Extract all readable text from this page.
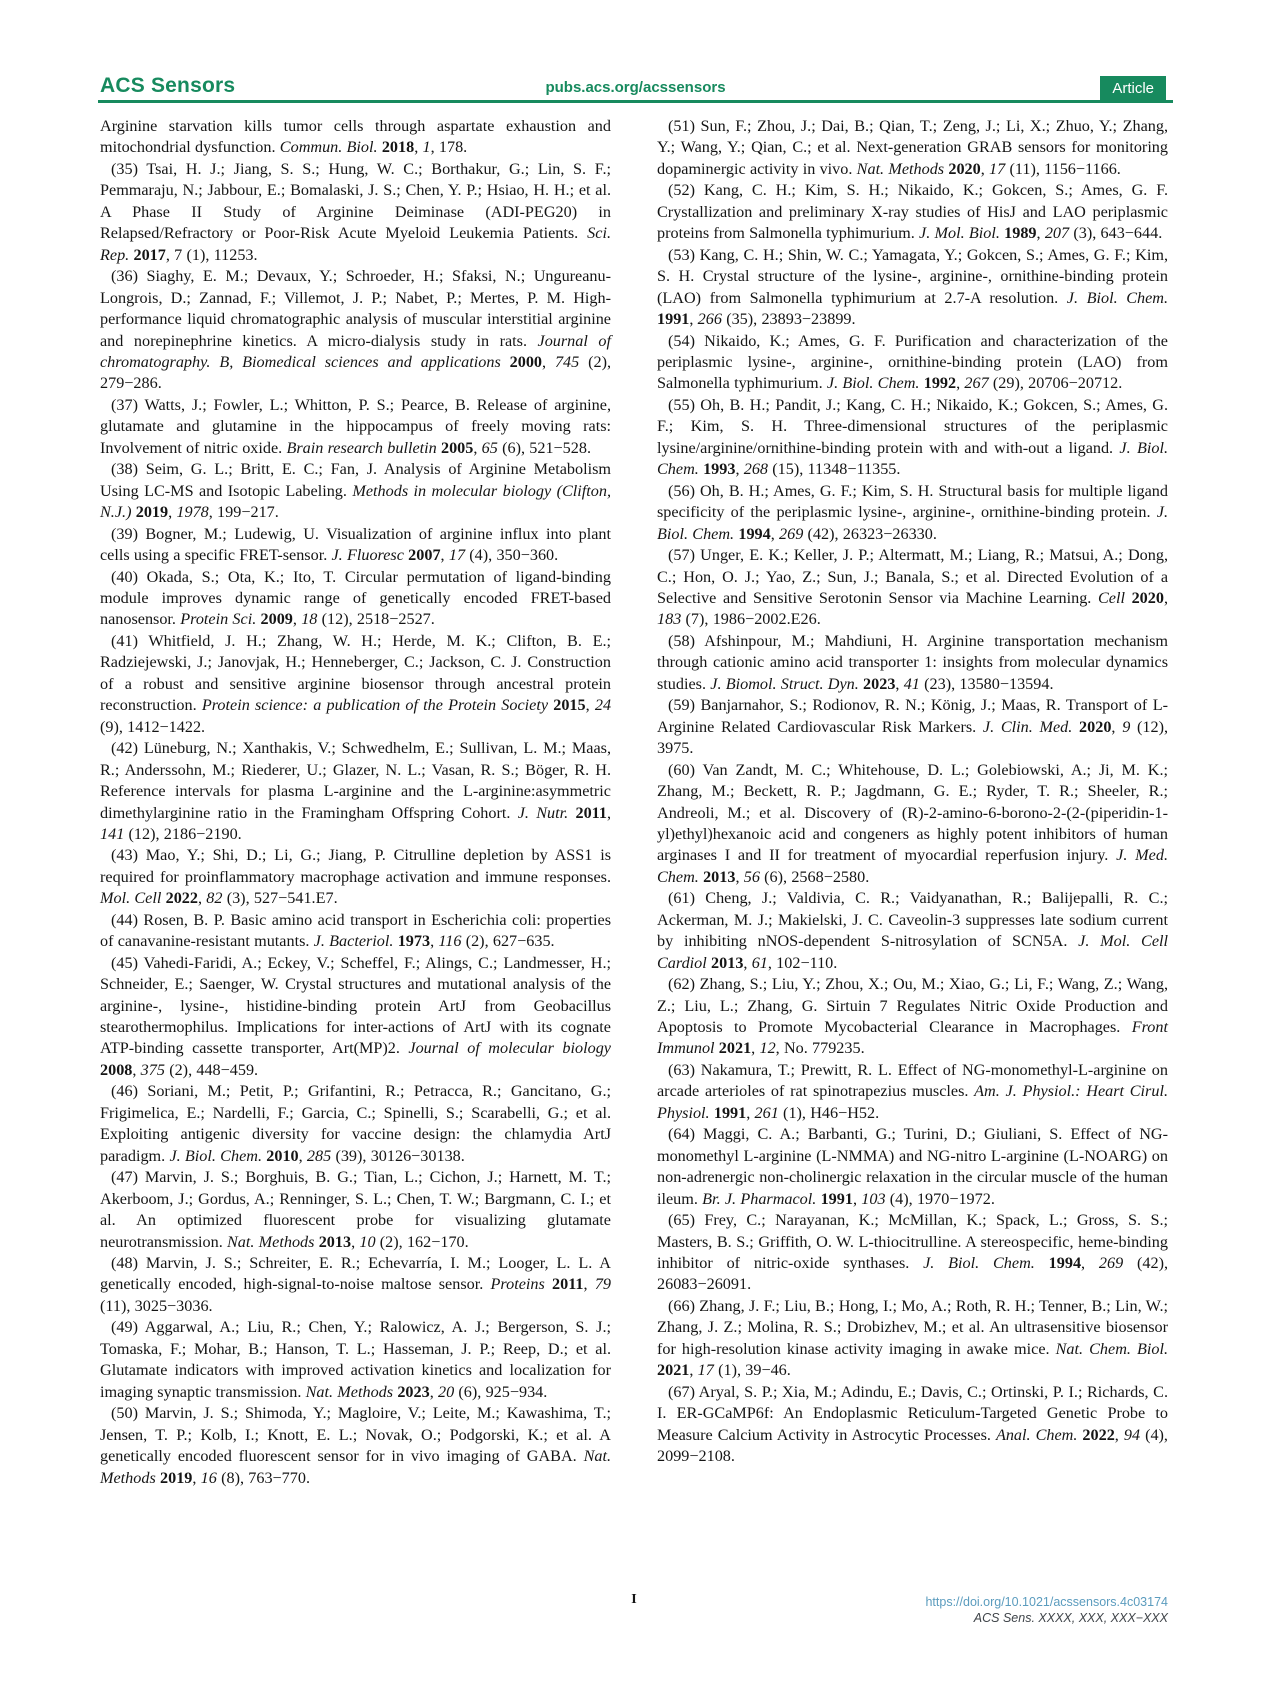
ACS Sensors	pubs.acs.org/acssensors	Article

Arginine starvation kills tumor cells through aspartate exhaustion and mitochondrial dysfunction. Commun. Biol. 2018, 1, 178.

(35) Tsai, H. J.; Jiang, S. S.; Hung, W. C.; Borthakur, G.; Lin, S. F.; Pemmaraju, N.; Jabbour, E.; Bomalaski, J. S.; Chen, Y. P.; Hsiao, H. H.; et al. A Phase II Study of Arginine Deiminase (ADI-PEG20) in Relapsed/Refractory or Poor-Risk Acute Myeloid Leukemia Patients. Sci. Rep. 2017, 7 (1), 11253.

(36) Siaghy, E. M.; Devaux, Y.; Schroeder, H.; Sfaksi, N.; Ungureanu-Longrois, D.; Zannad, F.; Villemot, J. P.; Nabet, P.; Mertes, P. M. High-performance liquid chromatographic analysis of muscular interstitial arginine and norepinephrine kinetics. A micro-dialysis study in rats. Journal of chromatography. B, Biomedical sciences and applications 2000, 745 (2), 279−286.

(37) Watts, J.; Fowler, L.; Whitton, P. S.; Pearce, B. Release of arginine, glutamate and glutamine in the hippocampus of freely moving rats: Involvement of nitric oxide. Brain research bulletin 2005, 65 (6), 521−528.

(38) Seim, G. L.; Britt, E. C.; Fan, J. Analysis of Arginine Metabolism Using LC-MS and Isotopic Labeling. Methods in molecular biology (Clifton, N.J.) 2019, 1978, 199−217.

(39) Bogner, M.; Ludewig, U. Visualization of arginine influx into plant cells using a specific FRET-sensor. J. Fluoresc 2007, 17 (4), 350−360.

(40) Okada, S.; Ota, K.; Ito, T. Circular permutation of ligand-binding module improves dynamic range of genetically encoded FRET-based nanosensor. Protein Sci. 2009, 18 (12), 2518−2527.

(41) Whitfield, J. H.; Zhang, W. H.; Herde, M. K.; Clifton, B. E.; Radziejewski, J.; Janovjak, H.; Henneberger, C.; Jackson, C. J. Construction of a robust and sensitive arginine biosensor through ancestral protein reconstruction. Protein science: a publication of the Protein Society 2015, 24 (9), 1412−1422.

(42) Lüneburg, N.; Xanthakis, V.; Schwedhelm, E.; Sullivan, L. M.; Maas, R.; Anderssohn, M.; Riederer, U.; Glazer, N. L.; Vasan, R. S.; Böger, R. H. Reference intervals for plasma L-arginine and the L-arginine:asymmetric dimethylarginine ratio in the Framingham Offspring Cohort. J. Nutr. 2011, 141 (12), 2186−2190.

(43) Mao, Y.; Shi, D.; Li, G.; Jiang, P. Citrulline depletion by ASS1 is required for proinflammatory macrophage activation and immune responses. Mol. Cell 2022, 82 (3), 527−541.E7.

(44) Rosen, B. P. Basic amino acid transport in Escherichia coli: properties of canavanine-resistant mutants. J. Bacteriol. 1973, 116 (2), 627−635.

(45) Vahedi-Faridi, A.; Eckey, V.; Scheffel, F.; Alings, C.; Landmesser, H.; Schneider, E.; Saenger, W. Crystal structures and mutational analysis of the arginine-, lysine-, histidine-binding protein ArtJ from Geobacillus stearothermophilus. Implications for inter-actions of ArtJ with its cognate ATP-binding cassette transporter, Art(MP)2. Journal of molecular biology 2008, 375 (2), 448−459.

(46) Soriani, M.; Petit, P.; Grifantini, R.; Petracca, R.; Gancitano, G.; Frigimelica, E.; Nardelli, F.; Garcia, C.; Spinelli, S.; Scarabelli, G.; et al. Exploiting antigenic diversity for vaccine design: the chlamydia ArtJ paradigm. J. Biol. Chem. 2010, 285 (39), 30126−30138.

(47) Marvin, J. S.; Borghuis, B. G.; Tian, L.; Cichon, J.; Harnett, M. T.; Akerboom, J.; Gordus, A.; Renninger, S. L.; Chen, T. W.; Bargmann, C. I.; et al. An optimized fluorescent probe for visualizing glutamate neurotransmission. Nat. Methods 2013, 10 (2), 162−170.

(48) Marvin, J. S.; Schreiter, E. R.; Echevarría, I. M.; Looger, L. L. A genetically encoded, high-signal-to-noise maltose sensor. Proteins 2011, 79 (11), 3025−3036.

(49) Aggarwal, A.; Liu, R.; Chen, Y.; Ralowicz, A. J.; Bergerson, S. J.; Tomaska, F.; Mohar, B.; Hanson, T. L.; Hasseman, J. P.; Reep, D.; et al. Glutamate indicators with improved activation kinetics and localization for imaging synaptic transmission. Nat. Methods 2023, 20 (6), 925−934.

(50) Marvin, J. S.; Shimoda, Y.; Magloire, V.; Leite, M.; Kawashima, T.; Jensen, T. P.; Kolb, I.; Knott, E. L.; Novak, O.; Podgorski, K.; et al. A genetically encoded fluorescent sensor for in vivo imaging of GABA. Nat. Methods 2019, 16 (8), 763−770.

(51) Sun, F.; Zhou, J.; Dai, B.; Qian, T.; Zeng, J.; Li, X.; Zhuo, Y.; Zhang, Y.; Wang, Y.; Qian, C.; et al. Next-generation GRAB sensors for monitoring dopaminergic activity in vivo. Nat. Methods 2020, 17 (11), 1156−1166.

(52) Kang, C. H.; Kim, S. H.; Nikaido, K.; Gokcen, S.; Ames, G. F. Crystallization and preliminary X-ray studies of HisJ and LAO periplasmic proteins from Salmonella typhimurium. J. Mol. Biol. 1989, 207 (3), 643−644.

(53) Kang, C. H.; Shin, W. C.; Yamagata, Y.; Gokcen, S.; Ames, G. F.; Kim, S. H. Crystal structure of the lysine-, arginine-, ornithine-binding protein (LAO) from Salmonella typhimurium at 2.7-A resolution. J. Biol. Chem. 1991, 266 (35), 23893−23899.

(54) Nikaido, K.; Ames, G. F. Purification and characterization of the periplasmic lysine-, arginine-, ornithine-binding protein (LAO) from Salmonella typhimurium. J. Biol. Chem. 1992, 267 (29), 20706−20712.

(55) Oh, B. H.; Pandit, J.; Kang, C. H.; Nikaido, K.; Gokcen, S.; Ames, G. F.; Kim, S. H. Three-dimensional structures of the periplasmic lysine/arginine/ornithine-binding protein with and with-out a ligand. J. Biol. Chem. 1993, 268 (15), 11348−11355.

(56) Oh, B. H.; Ames, G. F.; Kim, S. H. Structural basis for multiple ligand specificity of the periplasmic lysine-, arginine-, ornithine-binding protein. J. Biol. Chem. 1994, 269 (42), 26323−26330.

(57) Unger, E. K.; Keller, J. P.; Altermatt, M.; Liang, R.; Matsui, A.; Dong, C.; Hon, O. J.; Yao, Z.; Sun, J.; Banala, S.; et al. Directed Evolution of a Selective and Sensitive Serotonin Sensor via Machine Learning. Cell 2020, 183 (7), 1986−2002.E26.

(58) Afshinpour, M.; Mahdiuni, H. Arginine transportation mechanism through cationic amino acid transporter 1: insights from molecular dynamics studies. J. Biomol. Struct. Dyn. 2023, 41 (23), 13580−13594.

(59) Banjarnahor, S.; Rodionov, R. N.; König, J.; Maas, R. Transport of L-Arginine Related Cardiovascular Risk Markers. J. Clin. Med. 2020, 9 (12), 3975.

(60) Van Zandt, M. C.; Whitehouse, D. L.; Golebiowski, A.; Ji, M. K.; Zhang, M.; Beckett, R. P.; Jagdmann, G. E.; Ryder, T. R.; Sheeler, R.; Andreoli, M.; et al. Discovery of (R)-2-amino-6-borono-2-(2-(piperidin-1-yl)ethyl)hexanoic acid and congeners as highly potent inhibitors of human arginases I and II for treatment of myocardial reperfusion injury. J. Med. Chem. 2013, 56 (6), 2568−2580.

(61) Cheng, J.; Valdivia, C. R.; Vaidyanathan, R.; Balijepalli, R. C.; Ackerman, M. J.; Makielski, J. C. Caveolin-3 suppresses late sodium current by inhibiting nNOS-dependent S-nitrosylation of SCN5A. J. Mol. Cell Cardiol 2013, 61, 102−110.

(62) Zhang, S.; Liu, Y.; Zhou, X.; Ou, M.; Xiao, G.; Li, F.; Wang, Z.; Wang, Z.; Liu, L.; Zhang, G. Sirtuin 7 Regulates Nitric Oxide Production and Apoptosis to Promote Mycobacterial Clearance in Macrophages. Front Immunol 2021, 12, No. 779235.

(63) Nakamura, T.; Prewitt, R. L. Effect of NG-monomethyl-L-arginine on arcade arterioles of rat spinotrapezius muscles. Am. J. Physiol.: Heart Cirul. Physiol. 1991, 261 (1), H46−H52.

(64) Maggi, C. A.; Barbanti, G.; Turini, D.; Giuliani, S. Effect of NG-monomethyl L-arginine (L-NMMA) and NG-nitro L-arginine (L-NOARG) on non-adrenergic non-cholinergic relaxation in the circular muscle of the human ileum. Br. J. Pharmacol. 1991, 103 (4), 1970−1972.

(65) Frey, C.; Narayanan, K.; McMillan, K.; Spack, L.; Gross, S. S.; Masters, B. S.; Griffith, O. W. L-thiocitrulline. A stereospecific, heme-binding inhibitor of nitric-oxide synthases. J. Biol. Chem. 1994, 269 (42), 26083−26091.

(66) Zhang, J. F.; Liu, B.; Hong, I.; Mo, A.; Roth, R. H.; Tenner, B.; Lin, W.; Zhang, J. Z.; Molina, R. S.; Drobizhev, M.; et al. An ultrasensitive biosensor for high-resolution kinase activity imaging in awake mice. Nat. Chem. Biol. 2021, 17 (1), 39−46.

(67) Aryal, S. P.; Xia, M.; Adindu, E.; Davis, C.; Ortinski, P. I.; Richards, C. I. ER-GCaMP6f: An Endoplasmic Reticulum-Targeted Genetic Probe to Measure Calcium Activity in Astrocytic Processes. Anal. Chem. 2022, 94 (4), 2099−2108.

I	https://doi.org/10.1021/acssensors.4c03174
ACS Sens. XXXX, XXX, XXX−XXX
